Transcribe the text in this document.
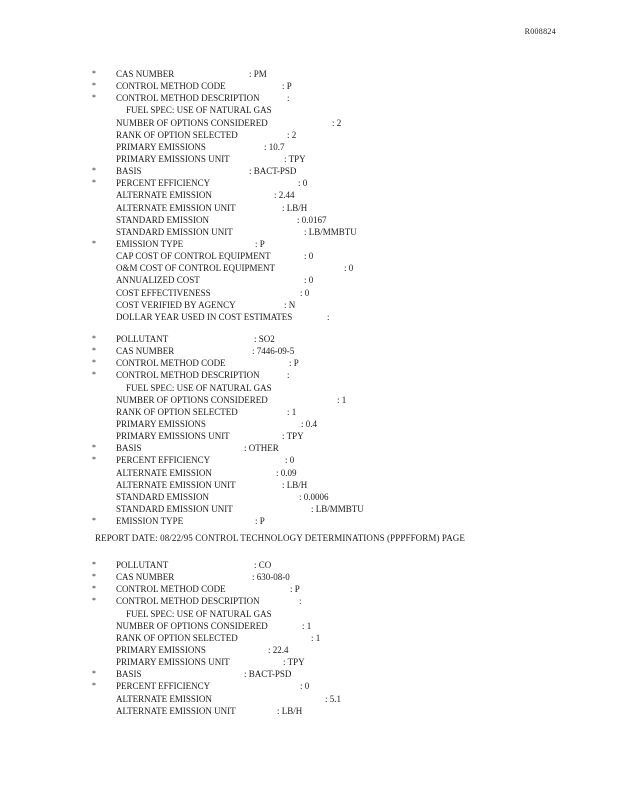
R008824
* CAS NUMBER	: PM
* CONTROL METHOD CODE	: P
* CONTROL METHOD DESCRIPTION	:
FUEL SPEC: USE OF NATURAL GAS
NUMBER OF OPTIONS CONSIDERED	: 2
RANK OF OPTION SELECTED	: 2
PRIMARY EMISSIONS	: 10.7
PRIMARY EMISSIONS UNIT	: TPY
* BASIS	: BACT-PSD
* PERCENT EFFICIENCY	: 0
ALTERNATE EMISSION	: 2.44
ALTERNATE EMISSION UNIT	: LB/H
STANDARD EMISSION	: 0.0167
STANDARD EMISSION UNIT	: LB/MMBTU
* EMISSION TYPE	: P
CAP COST OF CONTROL EQUIPMENT	: 0
O&M COST OF CONTROL EQUIPMENT	: 0
ANNUALIZED COST	: 0
COST EFFECTIVENESS	: 0
COST VERIFIED BY AGENCY	: N
DOLLAR YEAR USED IN COST ESTIMATES	:
* POLLUTANT	: SO2
* CAS NUMBER	: 7446-09-5
* CONTROL METHOD CODE	: P
* CONTROL METHOD DESCRIPTION	:
FUEL SPEC: USE OF NATURAL GAS
NUMBER OF OPTIONS CONSIDERED	: 1
RANK OF OPTION SELECTED	: 1
PRIMARY EMISSIONS	: 0.4
PRIMARY EMISSIONS UNIT	: TPY
* BASIS	: OTHER
* PERCENT EFFICIENCY	: 0
ALTERNATE EMISSION	: 0.09
ALTERNATE EMISSION UNIT	: LB/H
STANDARD EMISSION	: 0.0006
STANDARD EMISSION UNIT	: LB/MMBTU
* EMISSION TYPE	: P
REPORT DATE: 08/22/95 CONTROL TECHNOLOGY DETERMINATIONS (PPPFFORM) PAGE
* POLLUTANT	: CO
* CAS NUMBER	: 630-08-0
* CONTROL METHOD CODE	: P
* CONTROL METHOD DESCRIPTION	:
FUEL SPEC: USE OF NATURAL GAS
NUMBER OF OPTIONS CONSIDERED	: 1
RANK OF OPTION SELECTED	: 1
PRIMARY EMISSIONS	: 22.4
PRIMARY EMISSIONS UNIT	: TPY
* BASIS	: BACT-PSD
* PERCENT EFFICIENCY	: 0
ALTERNATE EMISSION	: 5.1
ALTERNATE EMISSION UNIT	: LB/H
